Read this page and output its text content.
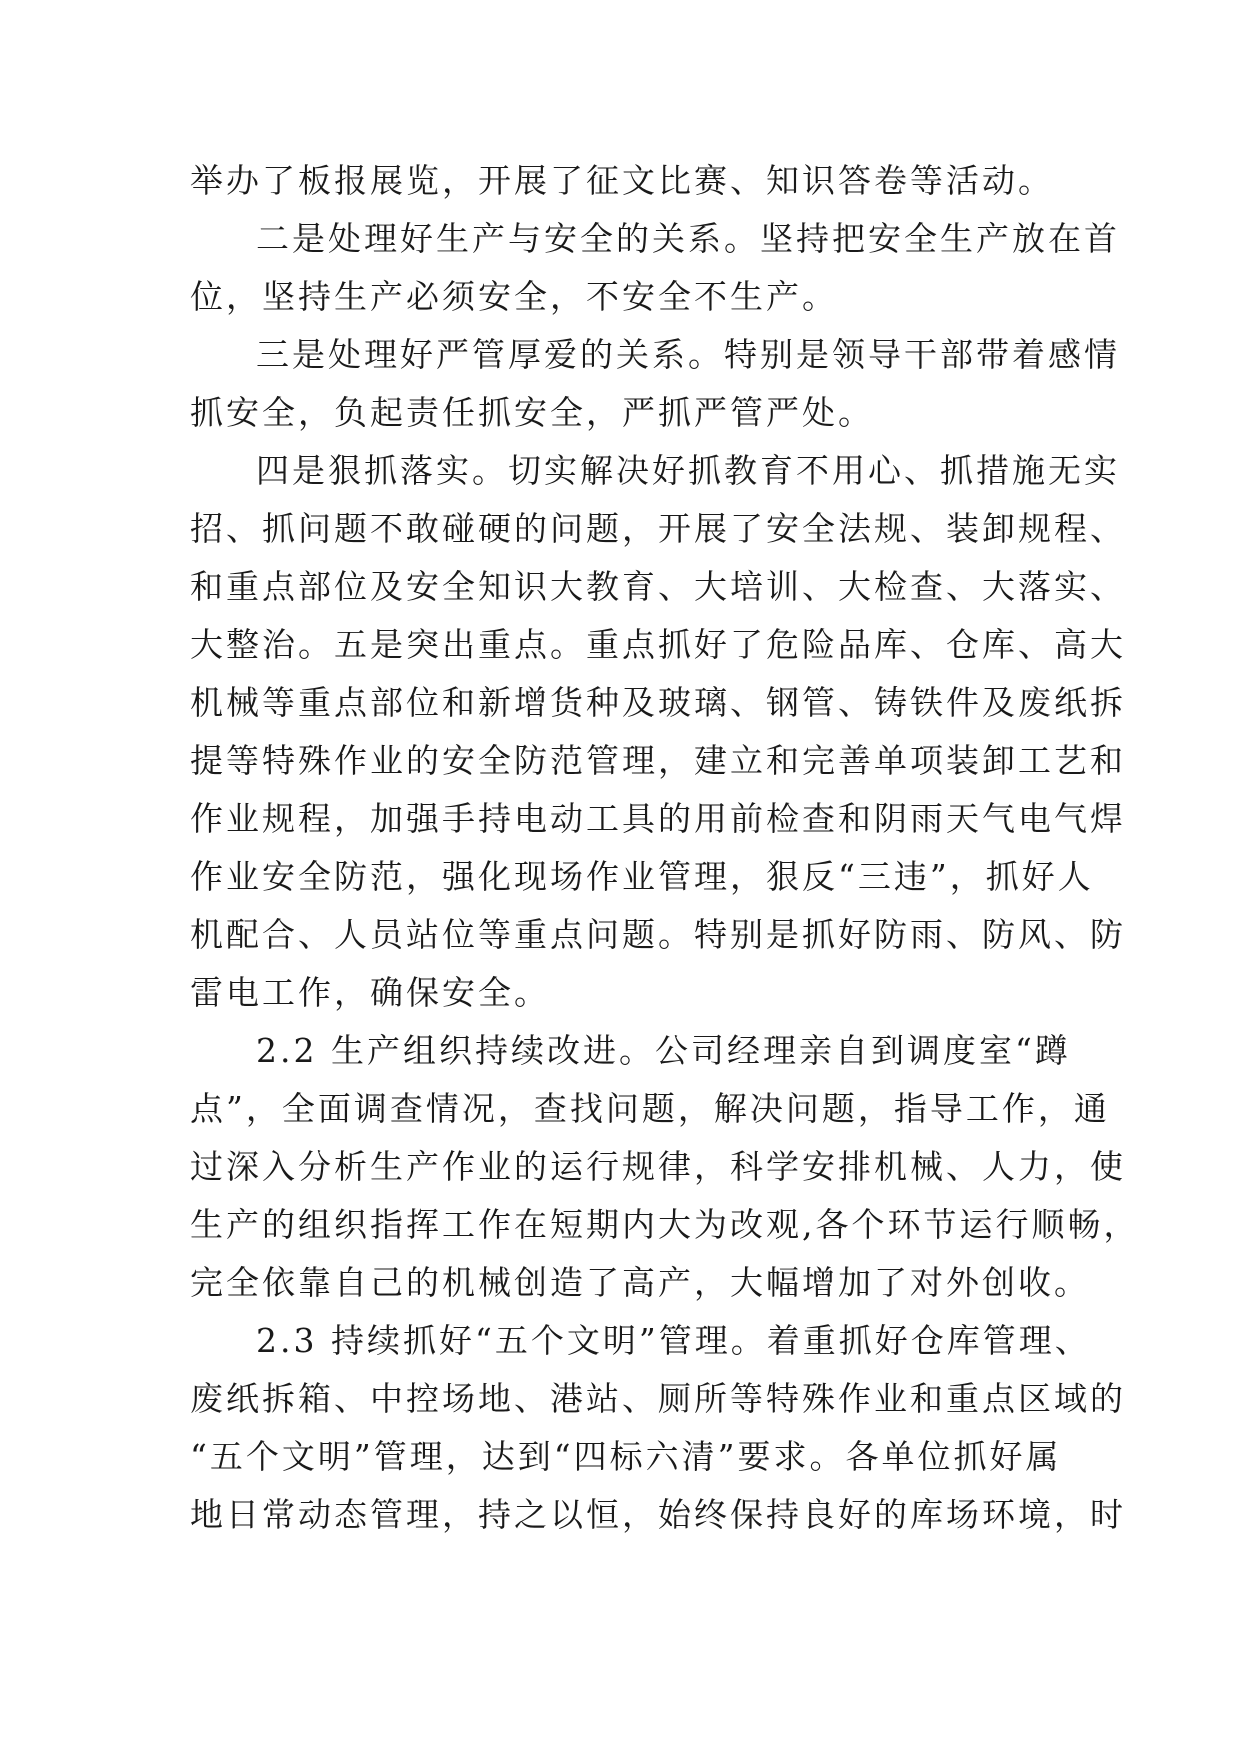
举办了板报展览，开展了征文比赛、知识答卷等活动。
二是处理好生产与安全的关系。坚持把安全生产放在首
位，坚持生产必须安全，不安全不生产。
三是处理好严管厚爱的关系。特别是领导干部带着感情
抓安全，负起责任抓安全，严抓严管严处。
四是狠抓落实。切实解决好抓教育不用心、抓措施无实
招、抓问题不敢碰硬的问题，开展了安全法规、装卸规程、
和重点部位及安全知识大教育、大培训、大检查、大落实、
大整治。五是突出重点。重点抓好了危险品库、仓库、高大
机械等重点部位和新增货种及玻璃、钢管、铸铁件及废纸拆
提等特殊作业的安全防范管理，建立和完善单项装卸工艺和
作业规程，加强手持电动工具的用前检查和阴雨天气电气焊
作业安全防范，强化现场作业管理，狠反“三违”，抓好人
机配合、人员站位等重点问题。特别是抓好防雨、防风、防
雷电工作，确保安全。
2.2 生产组织持续改进。公司经理亲自到调度室“蹲
点”，全面调查情况，查找问题，解决问题，指导工作，通
过深入分析生产作业的运行规律，科学安排机械、人力，使
生产的组织指挥工作在短期内大为改观,各个环节运行顺畅，
完全依靠自己的机械创造了高产，大幅增加了对外创收。
2.3 持续抓好“五个文明”管理。着重抓好仓库管理、
废纸拆箱、中控场地、港站、厕所等特殊作业和重点区域的
“五个文明”管理，达到“四标六清”要求。各单位抓好属
地日常动态管理，持之以恒，始终保持良好的库场环境，时
